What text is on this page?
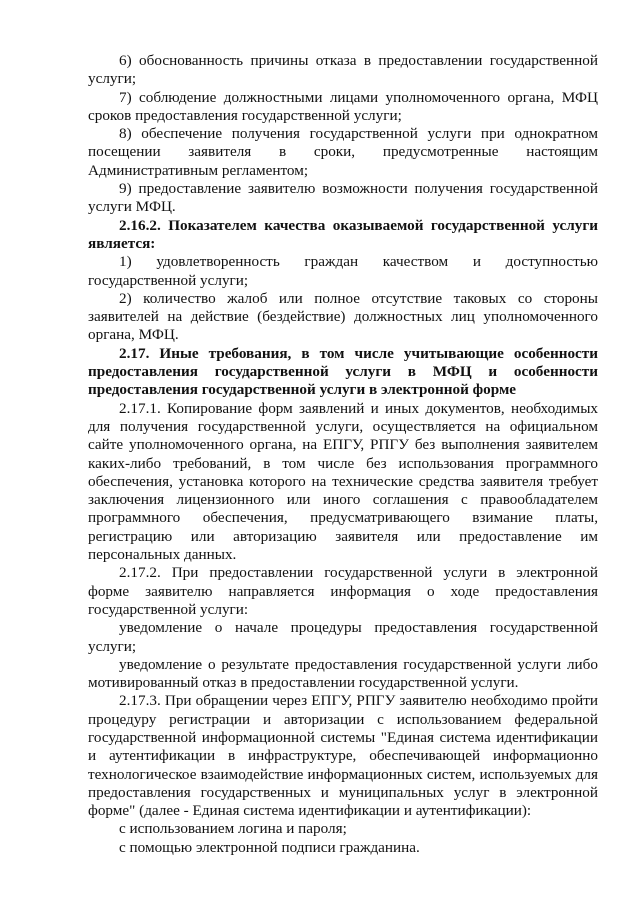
6) обоснованность причины отказа в предоставлении государственной услуги;

7) соблюдение должностными лицами уполномоченного органа, МФЦ сроков предоставления государственной услуги;

8) обеспечение получения государственной услуги при однократном посещении заявителя в сроки, предусмотренные настоящим Административным регламентом;

9) предоставление заявителю возможности получения государственной услуги МФЦ.

2.16.2. Показателем качества оказываемой государственной услуги является:

1) удовлетворенность граждан качеством и доступностью государственной услуги;

2) количество жалоб или полное отсутствие таковых со стороны заявителей на действие (бездействие) должностных лиц уполномоченного органа, МФЦ.

2.17. Иные требования, в том числе учитывающие особенности предоставления государственной услуги в МФЦ и особенности предоставления государственной услуги в электронной форме

2.17.1. Копирование форм заявлений и иных документов, необходимых для получения государственной услуги, осуществляется на официальном сайте уполномоченного органа, на ЕПГУ, РПГУ без выполнения заявителем каких-либо требований, в том числе без использования программного обеспечения, установка которого на технические средства заявителя требует заключения лицензионного или иного соглашения с правообладателем программного обеспечения, предусматривающего взимание платы, регистрацию или авторизацию заявителя или предоставление им персональных данных.

2.17.2. При предоставлении государственной услуги в электронной форме заявителю направляется информация о ходе предоставления государственной услуги:

уведомление о начале процедуры предоставления государственной услуги;

уведомление о результате предоставления государственной услуги либо мотивированный отказ в предоставлении государственной услуги.

2.17.3. При обращении через ЕПГУ, РПГУ заявителю необходимо пройти процедуру регистрации и авторизации с использованием федеральной государственной информационной системы "Единая система идентификации и аутентификации в инфраструктуре, обеспечивающей информационно технологическое взаимодействие информационных систем, используемых для предоставления государственных и муниципальных услуг в электронной форме" (далее - Единая система идентификации и аутентификации):

с использованием логина и пароля;

с помощью электронной подписи гражданина.
